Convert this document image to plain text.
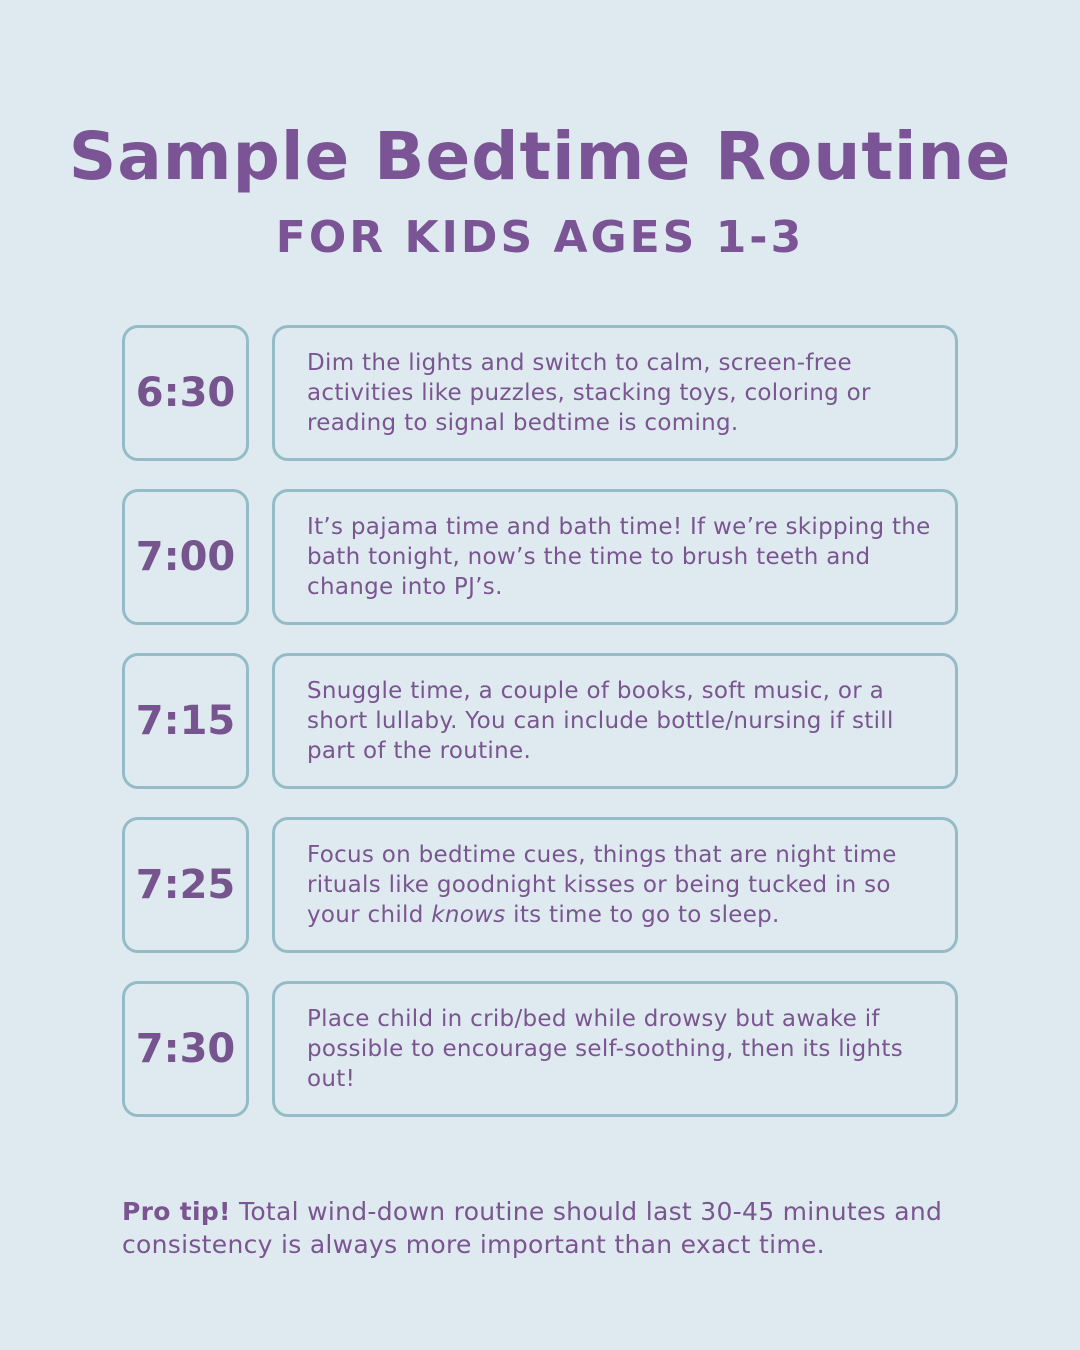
Sample Bedtime Routine
FOR KIDS AGES 1-3
6:30
Dim the lights and switch to calm, screen-free activities like puzzles, stacking toys, coloring or reading to signal bedtime is coming.
7:00
It’s pajama time and bath time! If we’re skipping the bath tonight, now’s the time to brush teeth and change into PJ’s.
7:15
Snuggle time, a couple of books, soft music, or a short lullaby. You can include bottle/nursing if still part of the routine.
7:25
Focus on bedtime cues, things that are night time rituals like goodnight kisses or being tucked in so your child knows its time to go to sleep.
7:30
Place child in crib/bed while drowsy but awake if possible to encourage self-soothing, then its lights out!

Pro tip! Total wind-down routine should last 30-45 minutes and consistency is always more important than exact time.
